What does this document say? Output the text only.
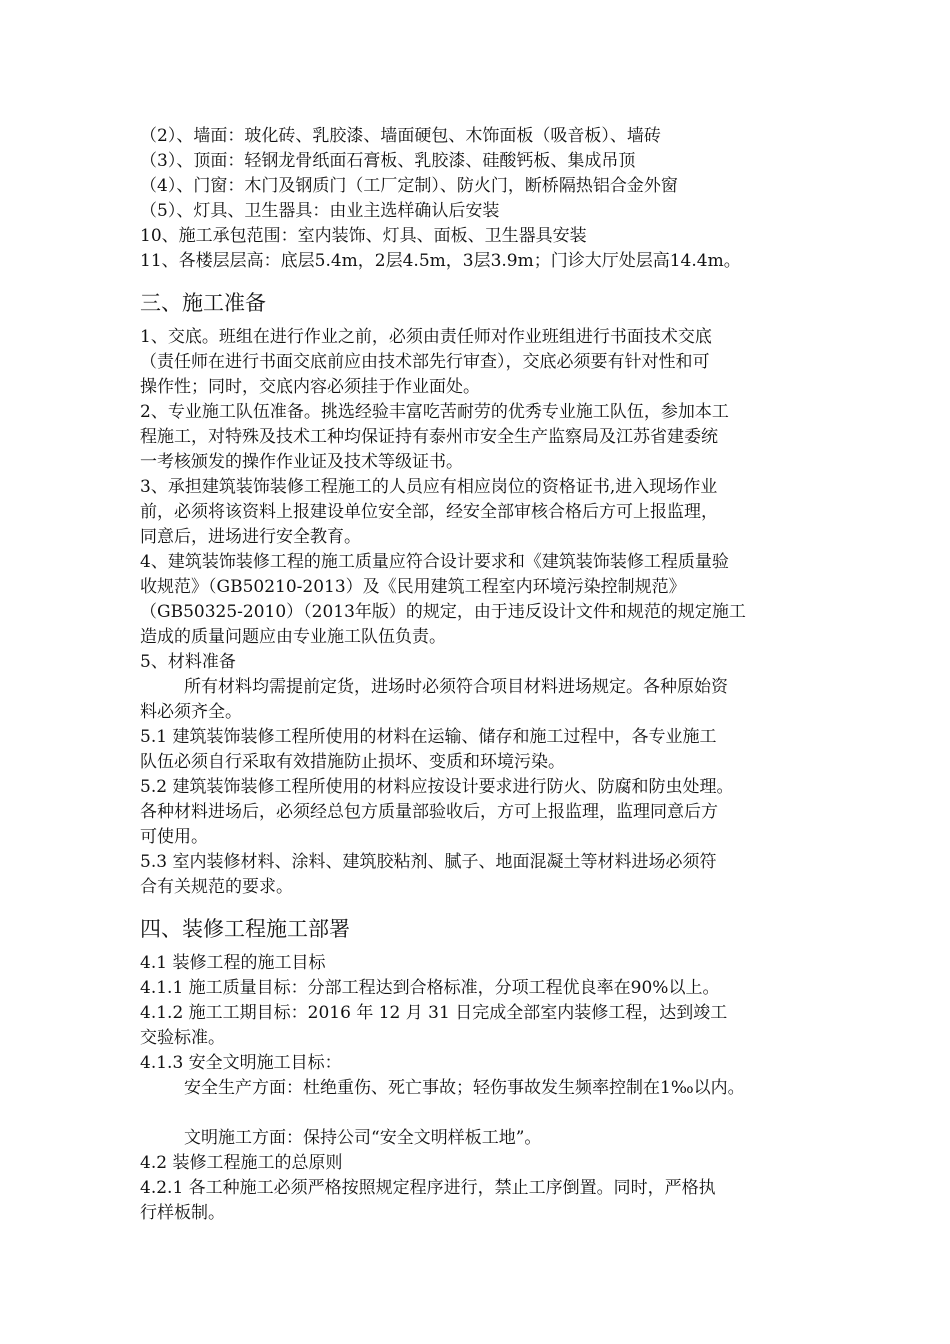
（2）、墙面：玻化砖、乳胶漆、墙面硬包、木饰面板（吸音板）、墙砖
（3）、顶面：轻钢龙骨纸面石膏板、乳胶漆、硅酸钙板、集成吊顶
（4）、门窗：木门及钢质门（工厂定制）、防火门，断桥隔热铝合金外窗
（5）、灯具、卫生器具：由业主选样确认后安装
10、施工承包范围：室内装饰、灯具、面板、卫生器具安装
11、各楼层层高：底层5.4m，2层4.5m，3层3.9m；门诊大厅处层高14.4m。
三、施工准备
1、交底。班组在进行作业之前，必须由责任师对作业班组进行书面技术交底
（责任师在进行书面交底前应由技术部先行审查），交底必须要有针对性和可
操作性；同时，交底内容必须挂于作业面处。
2、专业施工队伍准备。挑选经验丰富吃苦耐劳的优秀专业施工队伍，参加本工
程施工，对特殊及技术工种均保证持有泰州市安全生产监察局及江苏省建委统
一考核颁发的操作作业证及技术等级证书。
3、承担建筑装饰装修工程施工的人员应有相应岗位的资格证书,进入现场作业
前，必须将该资料上报建设单位安全部，经安全部审核合格后方可上报监理，
同意后，进场进行安全教育。
4、建筑装饰装修工程的施工质量应符合设计要求和《建筑装饰装修工程质量验
收规范》（GB50210-2013）及《民用建筑工程室内环境污染控制规范》
（GB50325-2010）（2013年版）的规定，由于违反设计文件和规范的规定施工
造成的质量问题应由专业施工队伍负责。
5、材料准备
所有材料均需提前定货，进场时必须符合项目材料进场规定。各种原始资
料必须齐全。
5.1 建筑装饰装修工程所使用的材料在运输、储存和施工过程中，各专业施工
队伍必须自行采取有效措施防止损坏、变质和环境污染。
5.2 建筑装饰装修工程所使用的材料应按设计要求进行防火、防腐和防虫处理。
各种材料进场后，必须经总包方质量部验收后，方可上报监理，监理同意后方
可使用。
5.3 室内装修材料、涂料、建筑胶粘剂、腻子、地面混凝土等材料进场必须符
合有关规范的要求。
四、装修工程施工部署
4.1 装修工程的施工目标
4.1.1 施工质量目标：分部工程达到合格标准，分项工程优良率在90%以上。
4.1.2 施工工期目标：2016 年 12 月 31 日完成全部室内装修工程，达到竣工
交验标准。
4.1.3 安全文明施工目标：
安全生产方面：杜绝重伤、死亡事故；轻伤事故发生频率控制在1‰以内。
文明施工方面：保持公司“安全文明样板工地”。
4.2 装修工程施工的总原则
4.2.1 各工种施工必须严格按照规定程序进行，禁止工序倒置。同时，严格执
行样板制。
